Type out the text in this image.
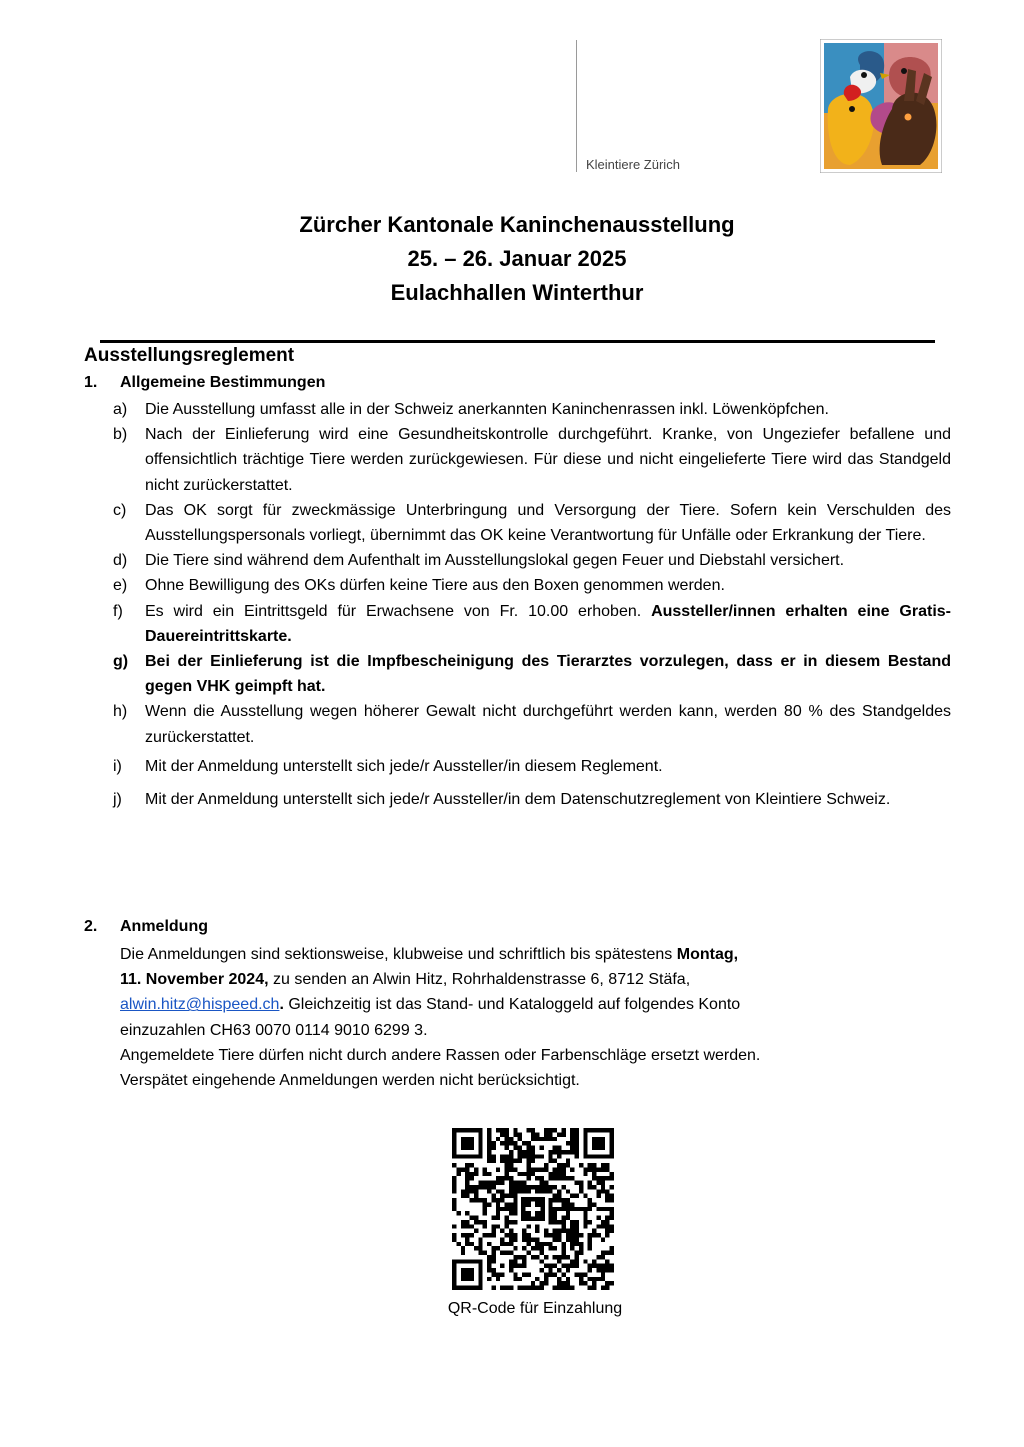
Kleintiere Zürich
Zürcher Kantonale Kaninchenausstellung
25. – 26. Januar 2025
Eulachhallen Winterthur
Ausstellungsreglement
1. Allgemeine Bestimmungen
a) Die Ausstellung umfasst alle in der Schweiz anerkannten Kaninchenrassen inkl. Löwenköpfchen.
b) Nach der Einlieferung wird eine Gesundheitskontrolle durchgeführt. Kranke, von Ungeziefer befallene und offensichtlich trächtige Tiere werden zurückgewiesen. Für diese und nicht eingelieferte Tiere wird das Standgeld nicht zurückerstattet.
c) Das OK sorgt für zweckmässige Unterbringung und Versorgung der Tiere. Sofern kein Verschulden des Ausstellungspersonals vorliegt, übernimmt das OK keine Verantwortung für Unfälle oder Erkrankung der Tiere.
d) Die Tiere sind während dem Aufenthalt im Ausstellungslokal gegen Feuer und Diebstahl versichert.
e) Ohne Bewilligung des OKs dürfen keine Tiere aus den Boxen genommen werden.
f) Es wird ein Eintrittsgeld für Erwachsene von Fr. 10.00 erhoben. Aussteller/innen erhalten eine Gratis-Dauereintrittskarte.
g) Bei der Einlieferung ist die Impfbescheinigung des Tierarztes vorzulegen, dass er in diesem Bestand gegen VHK geimpft hat.
h) Wenn die Ausstellung wegen höherer Gewalt nicht durchgeführt werden kann, werden 80 % des Standgeldes zurückerstattet.
i) Mit der Anmeldung unterstellt sich jede/r Aussteller/in diesem Reglement.
j) Mit der Anmeldung unterstellt sich jede/r Aussteller/in dem Datenschutzreglement von Kleintiere Schweiz.
2. Anmeldung
Die Anmeldungen sind sektionsweise, klubweise und schriftlich bis spätestens Montag,
11. November 2024, zu senden an Alwin Hitz, Rohrhaldenstrasse 6, 8712 Stäfa,
alwin.hitz@hispeed.ch. Gleichzeitig ist das Stand- und Kataloggeld auf folgendes Konto
einzuzahlen CH63 0070 0114 9010 6299 3.
Angemeldete Tiere dürfen nicht durch andere Rassen oder Farbenschläge ersetzt werden.
Verspätet eingehende Anmeldungen werden nicht berücksichtigt.
QR-Code für Einzahlung
